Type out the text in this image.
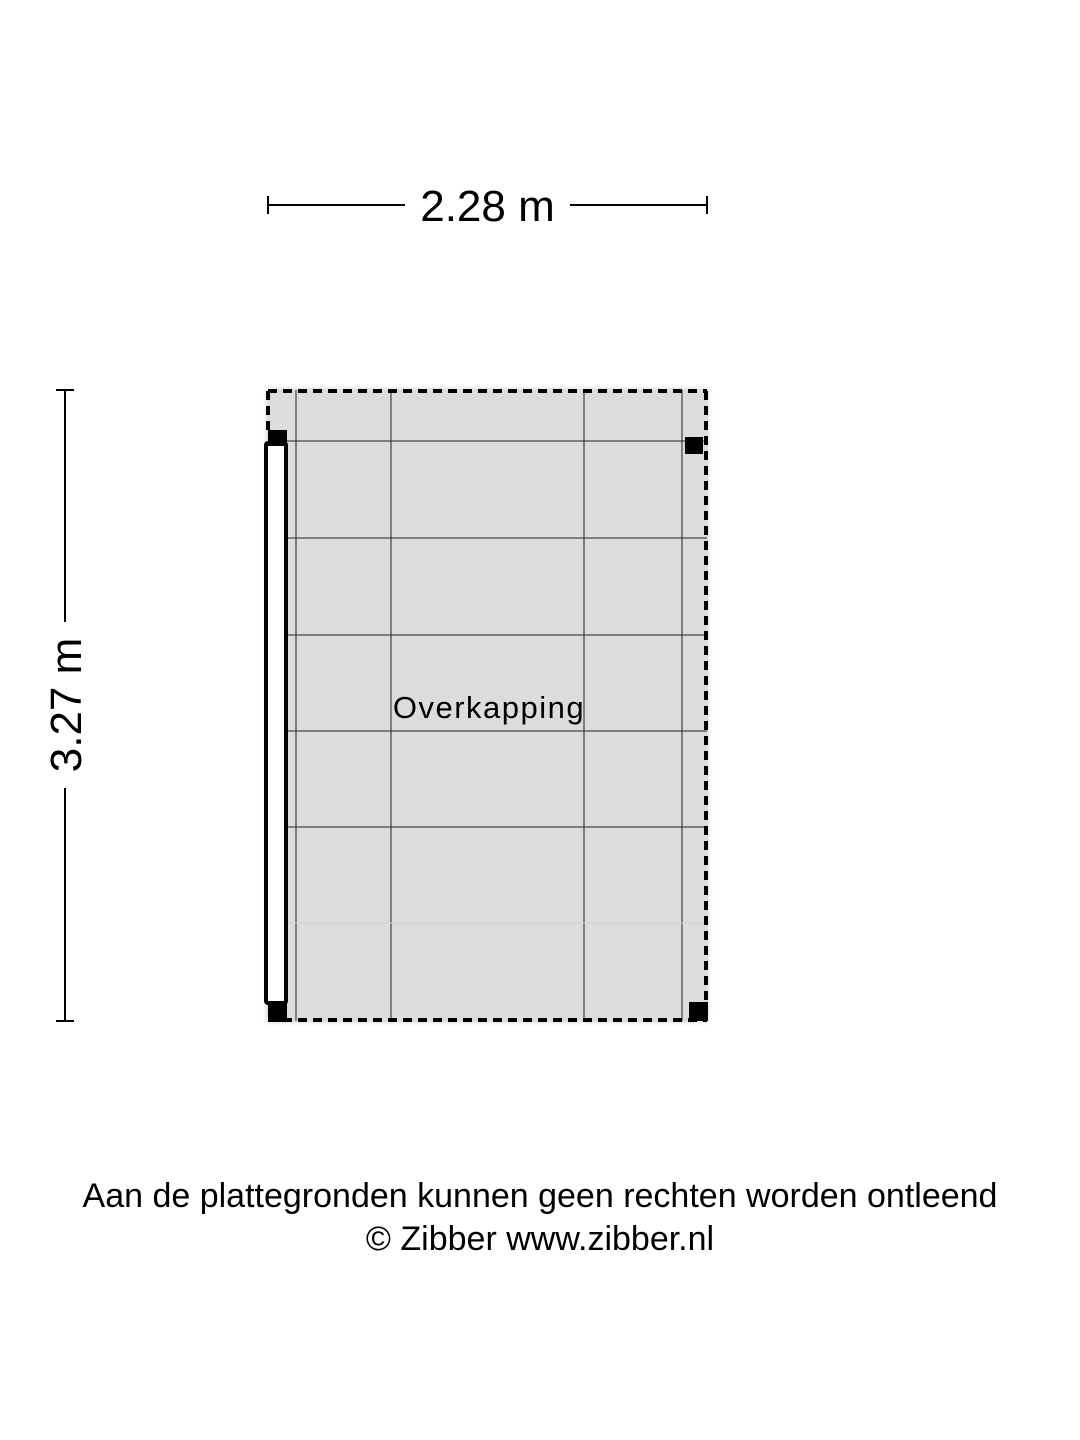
2.28 m
3.27 m	Overkapping
Aan de plattegronden kunnen geen rechten worden ontleend
© Zibber www.zibber.nl
